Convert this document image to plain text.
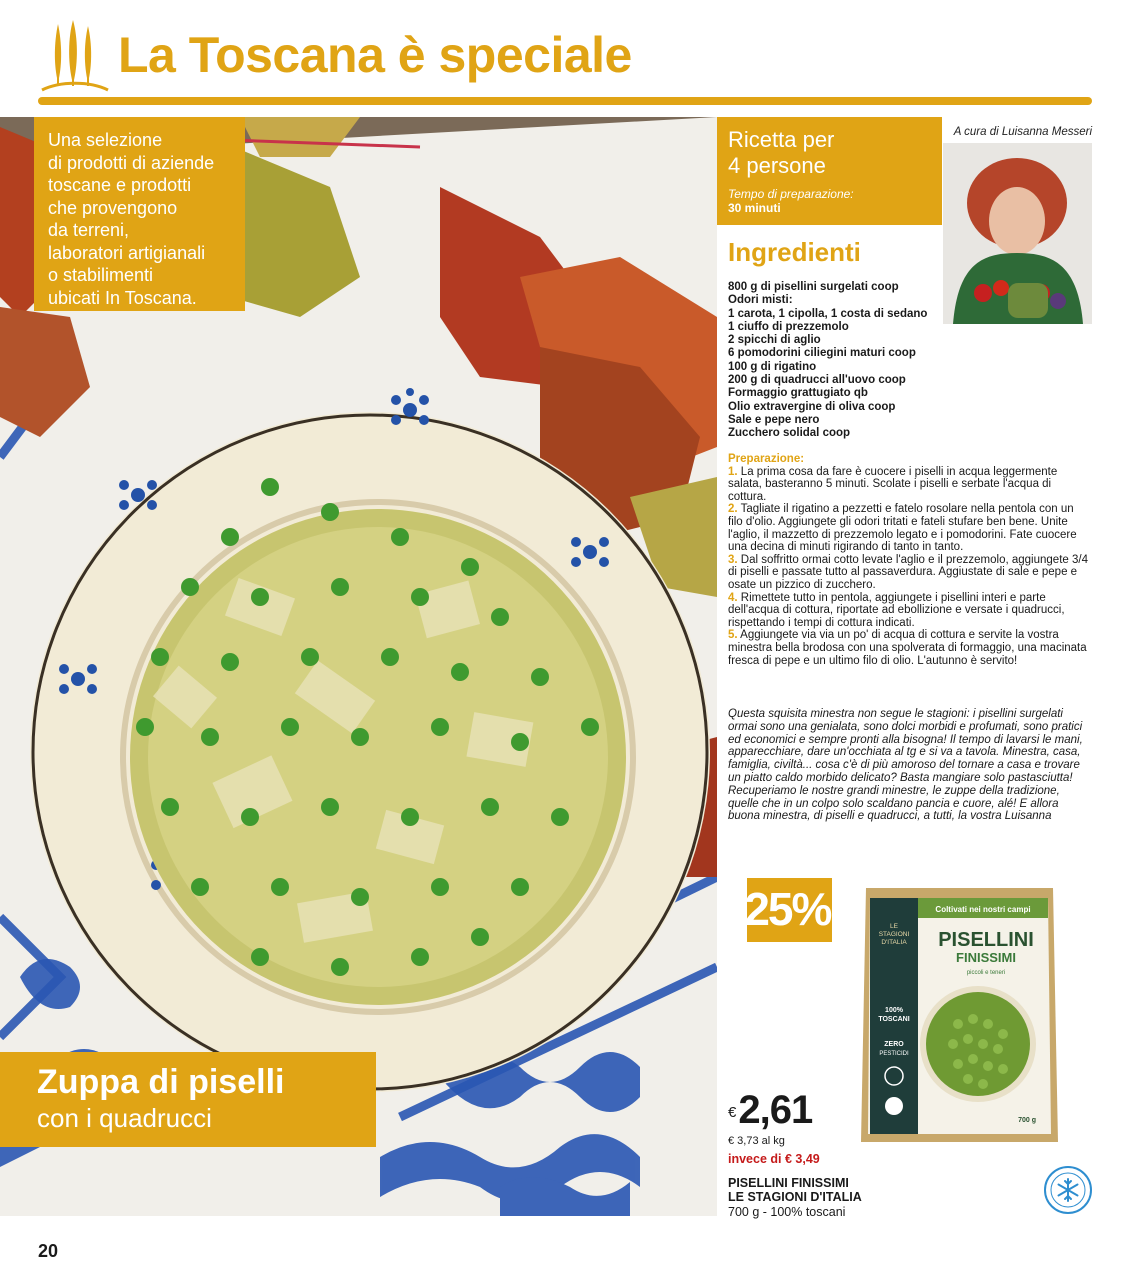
La Toscana è speciale

Una selezione

di prodotti di aziende

toscane e prodotti

che provengono

da terreni,

laboratori artigianali

o stabilimenti

ubicati In Toscana.

Zuppa di piselli
con i quadrucci
Ricetta per
4 persone
Tempo di preparazione:
30 minuti
A cura di Luisanna Messeri
Ingredienti
800 g di pisellini surgelati coop
Odori misti:
1 carota, 1 cipolla, 1 costa di sedano
1 ciuffo di prezzemolo
2 spicchi di aglio
6 pomodorini ciliegini maturi coop
100 g di rigatino
200 g di quadrucci all'uovo coop
Formaggio grattugiato qb
Olio extravergine di oliva coop
Sale e pepe nero
Zucchero solidal coop
Preparazione:

1. La prima cosa da fare è cuocere i piselli in acqua leggermente salata, basteranno 5 minuti. Scolate i piselli e serbate l'acqua di cottura.

2. Tagliate il rigatino a pezzetti e fatelo rosolare nella pentola con un filo d'olio. Aggiungete gli odori tritati e fateli stufare ben bene. Unite l'aglio, il mazzetto di prezzemolo legato e i pomodorini. Fate cuocere una decina di minuti rigirando di tanto in tanto.

3. Dal soffritto ormai cotto levate l'aglio e il prezzemolo, aggiungete 3/4 di piselli e passate tutto al passaverdura. Aggiustate di sale e pepe e osate un pizzico di zucchero.

4. Rimettete tutto in pentola, aggiungete i pisellini interi e parte dell'acqua di cottura, riportate ad ebollizione e versate i quadrucci, rispettando i tempi di cottura indicati.

5. Aggiungete via via un po' di acqua di cottura e servite la vostra minestra bella brodosa con una spolverata di formaggio, una macinata fresca di pepe e un ultimo filo di olio. L'autunno è servito!

Questa squisita minestra non segue le stagioni: i pisellini surgelati ormai sono una genialata, sono dolci morbidi e profumati, sono pratici ed economici e sempre pronti alla bisogna! Il tempo di lavarsi le mani, apparecchiare, dare un'occhiata al tg e si va a tavola. Minestra, casa, famiglia, civiltà... cosa c'è di più amoroso del tornare a casa e trovare un piatto caldo morbido delicato? Basta mangiare solo pastasciutta! Recuperiamo le nostre grandi minestre, le zuppe della tradizione, quelle che in un colpo solo scaldano pancia e cuore, alé! E allora buona minestra, di piselli e quadrucci, a tutti, la vostra Luisanna

-25%	Coltivati nei nostri campi
LE
STAGIONI
D'ITALIA PISELLINI
FINISSIMI
piccoli e teneri
100%
TOSCANI
ZERO
PESTICIDI
700 g
€2,61
€ 3,73 al kg
invece di € 3,49
PISELLINI FINISSIMI
LE STAGIONI D'ITALIA
700 g - 100% toscani
20
